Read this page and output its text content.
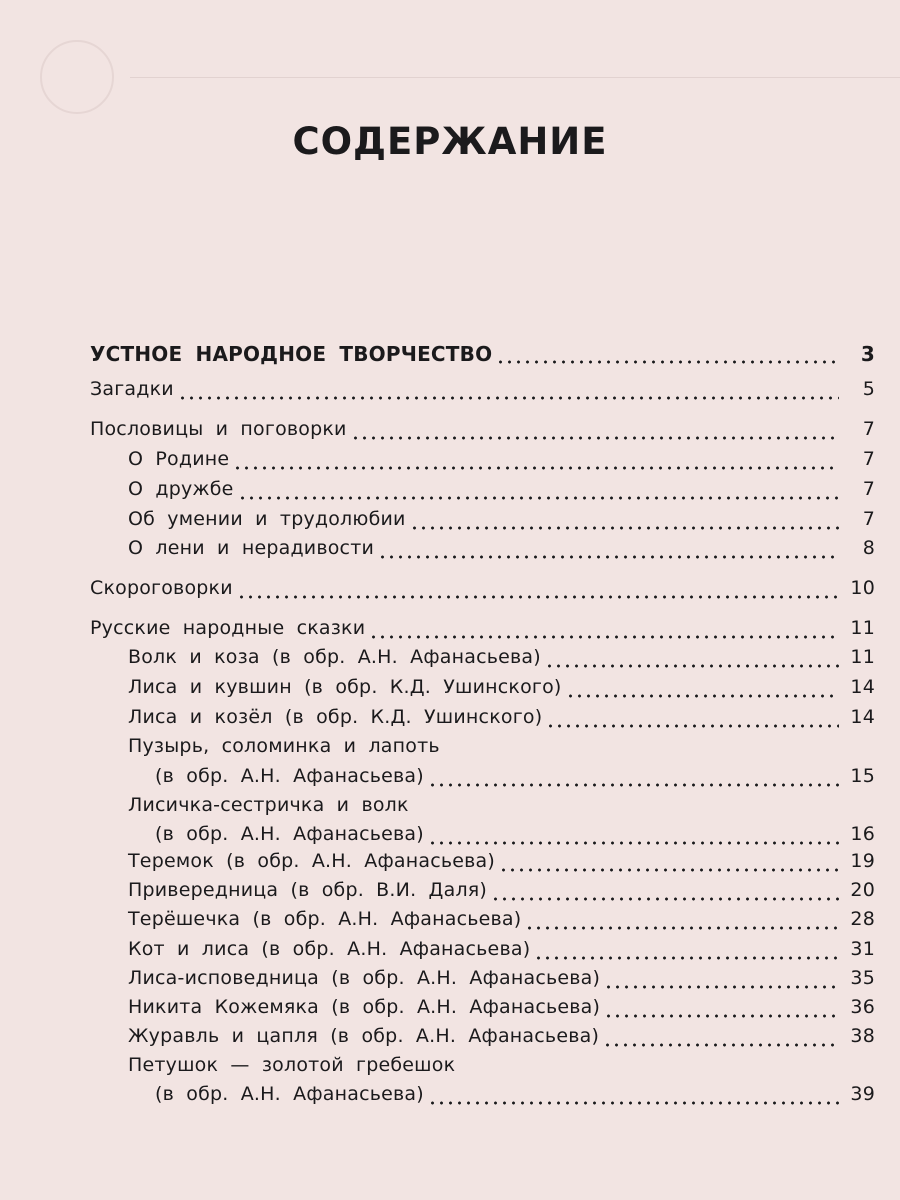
СОДЕРЖАНИЕ
УСТНОЕ НАРОДНОЕ ТВОРЧЕСТВО	3
Загадки	5
Пословицы и поговорки	7
О Родине	7
О дружбе	7
Об умении и трудолюбии	7
О лени и нерадивости	8
Скороговорки	10
Русские народные сказки	11
Волк и коза (в обр. А.Н. Афанасьева)	11
Лиса и кувшин (в обр. К.Д. Ушинского)	14
Лиса и козёл (в обр. К.Д. Ушинского)	14
Пузырь, соломинка и лапоть
(в обр. А.Н. Афанасьева)	15
Лисичка-сестричка и волк
(в обр. А.Н. Афанасьева)	16
Теремок (в обр. А.Н. Афанасьева)	19
Привередница (в обр. В.И. Даля)	20
Терёшечка (в обр. А.Н. Афанасьева)	28
Кот и лиса (в обр. А.Н. Афанасьева)	31
Лиса-исповедница (в обр. А.Н. Афанасьева)	35
Никита Кожемяка (в обр. А.Н. Афанасьева)	36
Журавль и цапля (в обр. А.Н. Афанасьева)	38
Петушок — золотой гребешок
(в обр. А.Н. Афанасьева)	39
